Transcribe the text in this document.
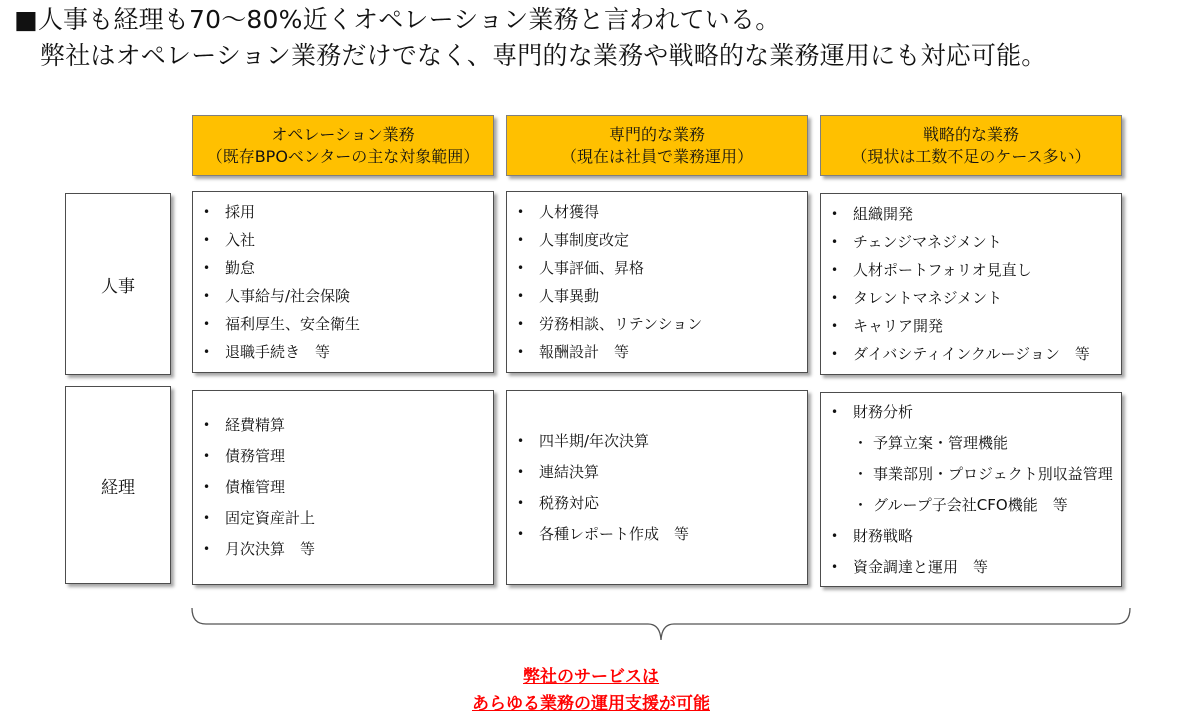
■人事も経理も70～80%近くオペレーション業務と言われている。
弊社はオペレーション業務だけでなく、専門的な業務や戦略的な業務運用にも対応可能。
オペレーション業務
（既存BPOベンターの主な対象範囲）
専門的な業務
（現在は社員で業務運用）
戦略的な業務
（現状は工数不足のケース多い）
人事
経理
• 採用
• 入社
• 勤怠
• 人事給与/社会保険
• 福利厚生、安全衛生
• 退職手続き　等
• 人材獲得
• 人事制度改定
• 人事評価、昇格
• 人事異動
• 労務相談、リテンション
• 報酬設計　等
• 組織開発
• チェンジマネジメント
• 人材ポートフォリオ見直し
• タレントマネジメント
• キャリア開発
• ダイバシティインクルージョン　等
• 経費精算
• 債務管理
• 債権管理
• 固定資産計上
• 月次決算　等
• 四半期/年次決算
• 連結決算
• 税務対応
• 各種レポート作成　等
• 財務分析
・ 予算立案・管理機能
・ 事業部別・プロジェクト別収益管理
・ グループ子会社CFO機能　等
• 財務戦略
• 資金調達と運用　等
弊社のサービスは
あらゆる業務の運用支援が可能
